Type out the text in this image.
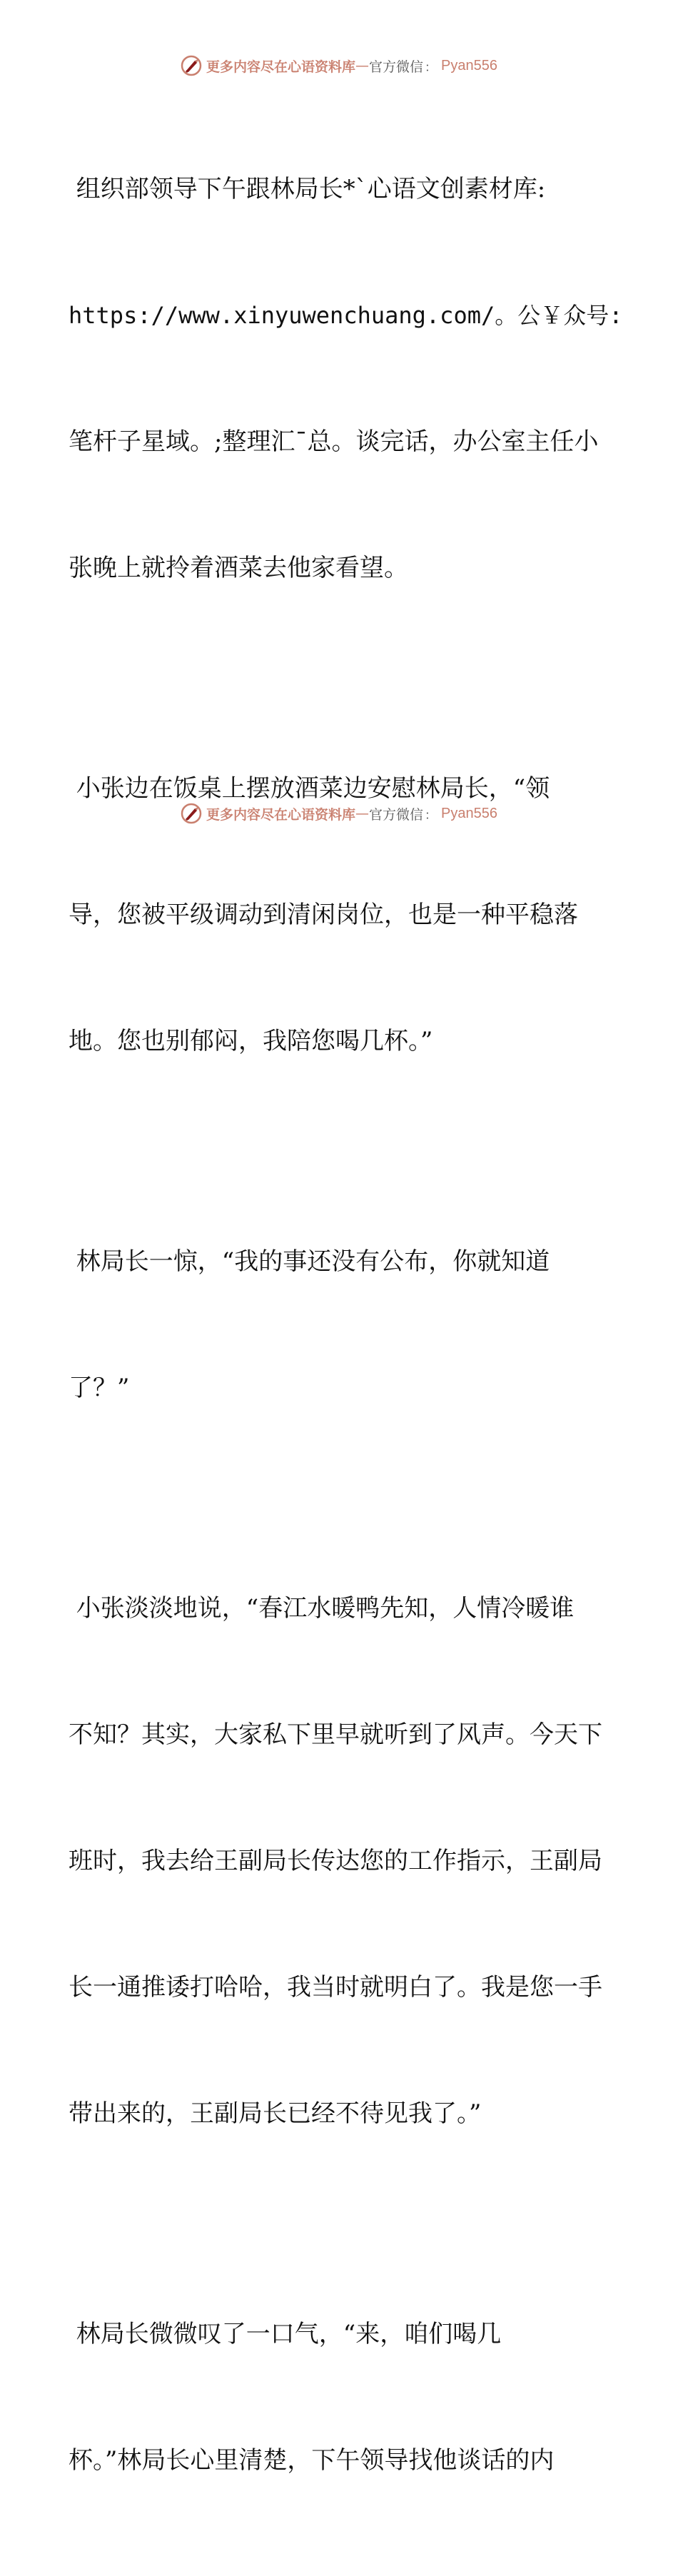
更多内容尽在心语资料库 — 官方微信 ： Pyan556

组织部领导下午跟林局长*`心语文创素材库:

https://www.xinyuwenchuang.com/。公￥众号:

笔杆子星域。;整理汇¯总。谈完话，办公室主任小

张晚上就拎着酒菜去他家看望。

小张边在饭桌上摆放酒菜边安慰林局长，“领

导，您被平级调动到清闲岗位，也是一种平稳落

地。您也别郁闷，我陪您喝几杯。”

林局长一惊，“我的事还没有公布，你就知道

了？”

小张淡淡地说，“春江水暖鸭先知，人情冷暖谁

不知？其实，大家私下里早就听到了风声。今天下

班时，我去给王副局长传达您的工作指示，王副局

长一通推诿打哈哈，我当时就明白了。我是您一手

带出来的，王副局长已经不待见我了。”

林局长微微叹了一口气，“来，咱们喝几

杯。”林局长心里清楚，下午领导找他谈话的内

更多内容尽在心语资料库 — 官方微信 ： Pyan556
